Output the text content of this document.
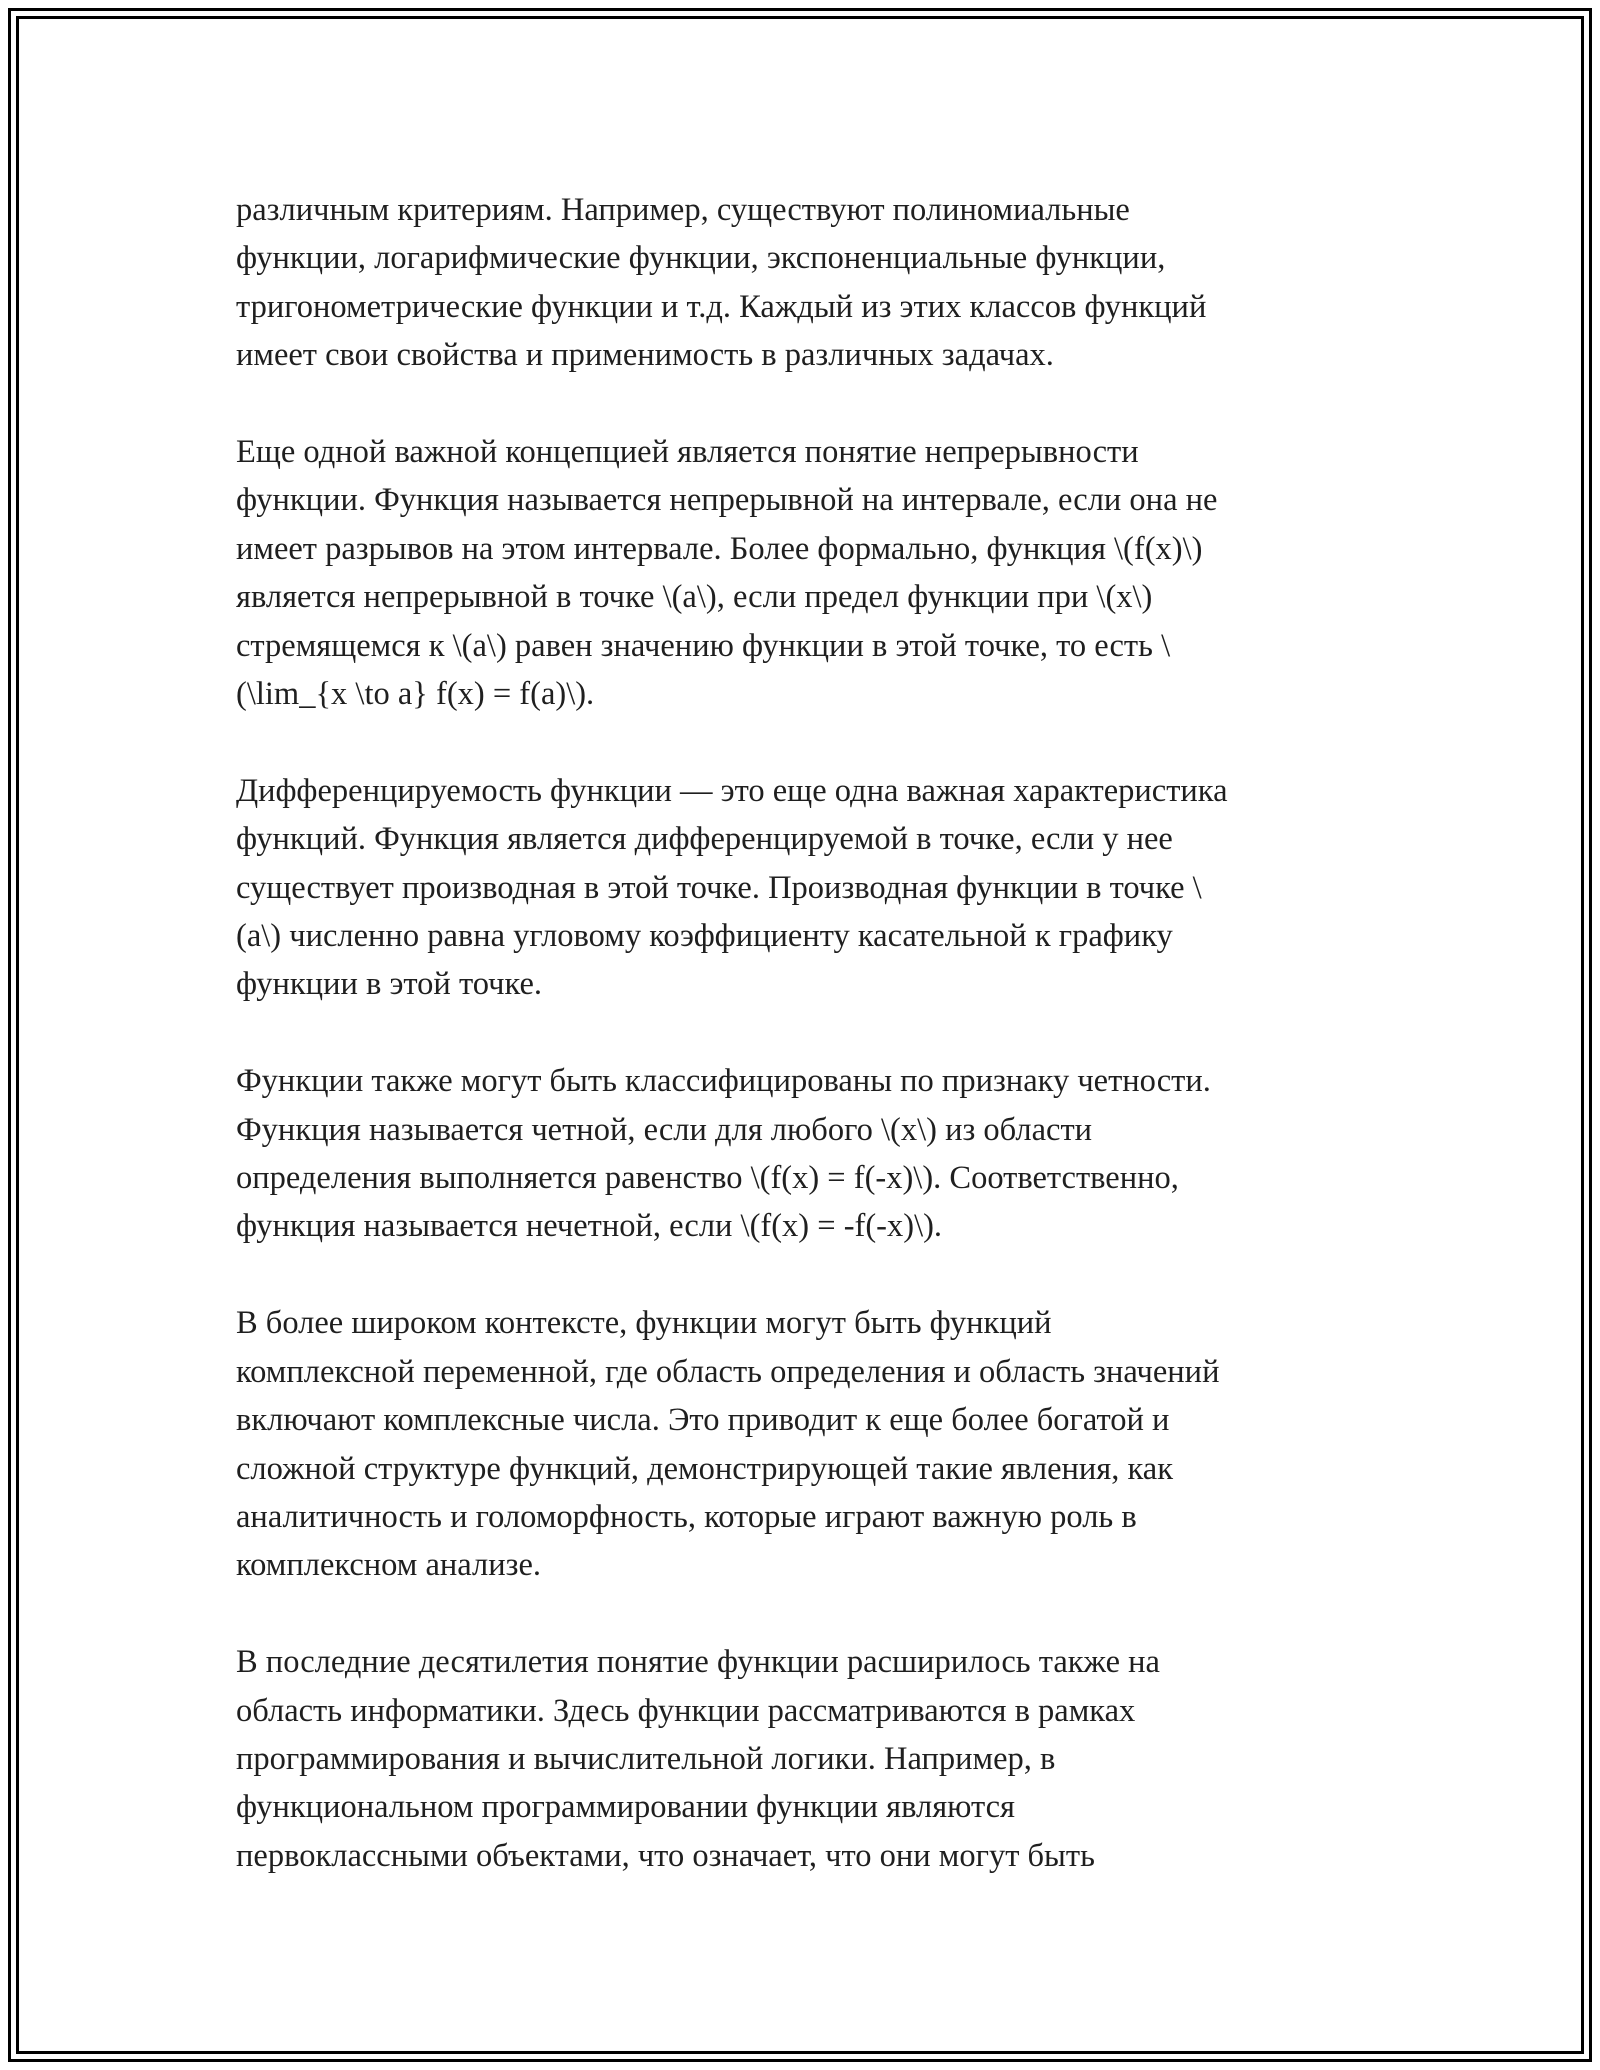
различным критериям. Например, существуют полиномиальные
функции, логарифмические функции, экспоненциальные функции,
тригонометрические функции и т.д. Каждый из этих классов функций
имеет свои свойства и применимость в различных задачах.

Еще одной важной концепцией является понятие непрерывности
функции. Функция называется непрерывной на интервале, если она не
имеет разрывов на этом интервале. Более формально, функция \(f(x)\)
является непрерывной в точке \(a\), если предел функции при \(x\)
стремящемся к \(a\) равен значению функции в этой точке, то есть \
(\lim_{x \to a} f(x) = f(a)\).

Дифференцируемость функции — это еще одна важная характеристика
функций. Функция является дифференцируемой в точке, если у нее
существует производная в этой точке. Производная функции в точке \
(a\) численно равна угловому коэффициенту касательной к графику
функции в этой точке.

Функции также могут быть классифицированы по признаку четности.
Функция называется четной, если для любого \(x\) из области
определения выполняется равенство \(f(x) = f(-x)\). Соответственно,
функция называется нечетной, если \(f(x) = -f(-x)\).

В более широком контексте, функции могут быть функций
комплексной переменной, где область определения и область значений
включают комплексные числа. Это приводит к еще более богатой и
сложной структуре функций, демонстрирующей такие явления, как
аналитичность и голоморфность, которые играют важную роль в
комплексном анализе.

В последние десятилетия понятие функции расширилось также на
область информатики. Здесь функции рассматриваются в рамках
программирования и вычислительной логики. Например, в
функциональном программировании функции являются
первоклассными объектами, что означает, что они могут быть
